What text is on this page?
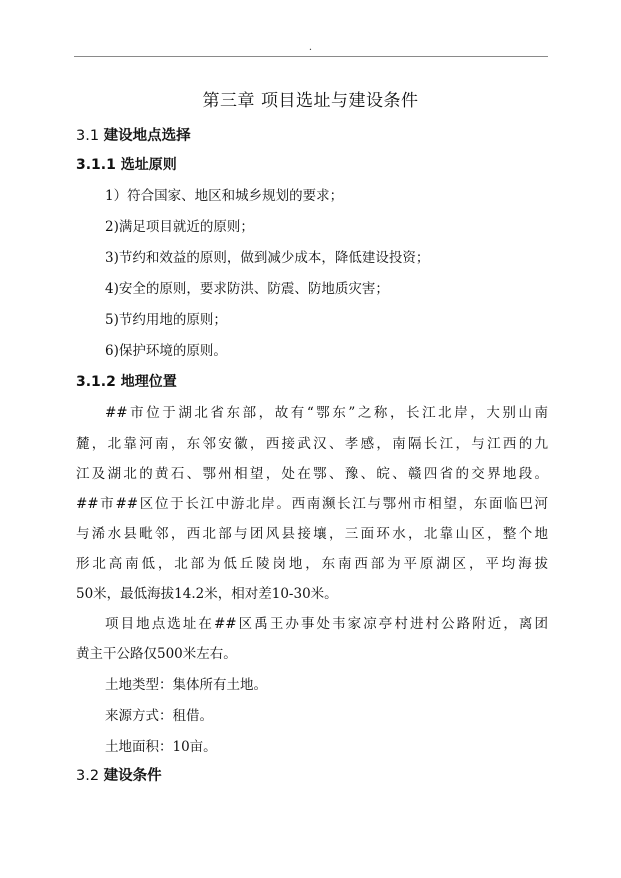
.
第三章 项目选址与建设条件
3.1 建设地点选择
3.1.1 选址原则
1）符合国家、地区和城乡规划的要求；
2)满足项目就近的原则；
3)节约和效益的原则，做到减少成本，降低建设投资；
4)安全的原则，要求防洪、防震、防地质灾害；
5)节约用地的原则；
6)保护环境的原则。
3.1.2 地理位置
##市位于湖北省东部，故有“鄂东”之称，长江北岸，大别山南
麓，北靠河南，东邻安徽，西接武汉、孝感，南隔长江，与江西的九
江及湖北的黄石、鄂州相望，处在鄂、豫、皖、赣四省的交界地段。
##市##区位于长江中游北岸。西南濒长江与鄂州市相望，东面临巴河
与浠水县毗邻，西北部与团风县接壤，三面环水，北靠山区，整个地
形北高南低，北部为低丘陵岗地，东南西部为平原湖区，平均海拔
50米，最低海拔14.2米，相对差10-30米。
项目地点选址在##区禹王办事处韦家凉亭村进村公路附近，离团
黄主干公路仅500米左右。
土地类型：集体所有土地。
来源方式：租借。
土地面积：10亩。
3.2 建设条件
